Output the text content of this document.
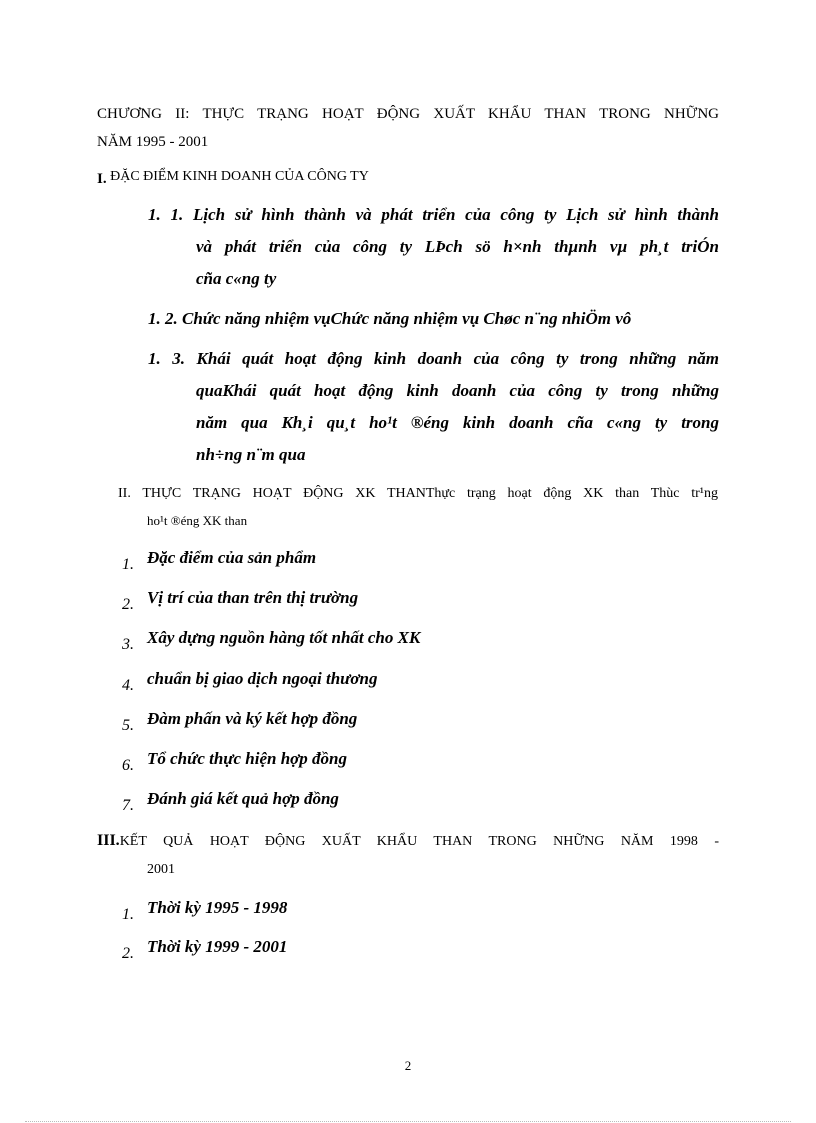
CHƯƠNG II: THỰC TRẠNG HOẠT ĐỘNG XUẤT KHẨU THAN TRONG NHỮNG
NĂM 1995 - 2001
I. ĐẶC ĐIỂM KINH DOANH CỦA CÔNG TY
1. 1. Lịch sử hình thành và phát triển của công ty Lịch sử hình thành
và phát triển của công ty LÞch sö h×nh thµnh vµ ph¸t triÓn
cña c«ng ty
1. 2. Chức năng nhiệm vụChức năng nhiệm vụ Chøc n¨ng nhiÖm vô
1. 3. Khái quát hoạt động kinh doanh của công ty trong những năm
quaKhái quát hoạt động kinh doanh của công ty trong những
năm qua Kh¸i qu¸t ho¹t ®éng kinh doanh cña c«ng ty trong
nh÷ng n¨m qua
II. THỰC TRẠNG HOẠT ĐỘNG XK THANThực trạng hoạt động XK than Thùc tr¹ng
ho¹t ®éng XK than
1. Đặc điểm của sản phẩm
2. Vị trí của than trên thị trường
3. Xây dựng nguồn hàng tốt nhất cho XK
4. chuẩn bị giao dịch ngoại thương
5. Đàm phấn và ký kết hợp đồng
6. Tổ chức thực hiện hợp đồng
7. Đánh giá kết quả hợp đồng
III.KẾT QUẢ HOẠT ĐỘNG XUẤT KHẨU THAN TRONG NHỮNG NĂM 1998 -
2001
1. Thời kỳ 1995 - 1998
2. Thời kỳ 1999 - 2001
2
